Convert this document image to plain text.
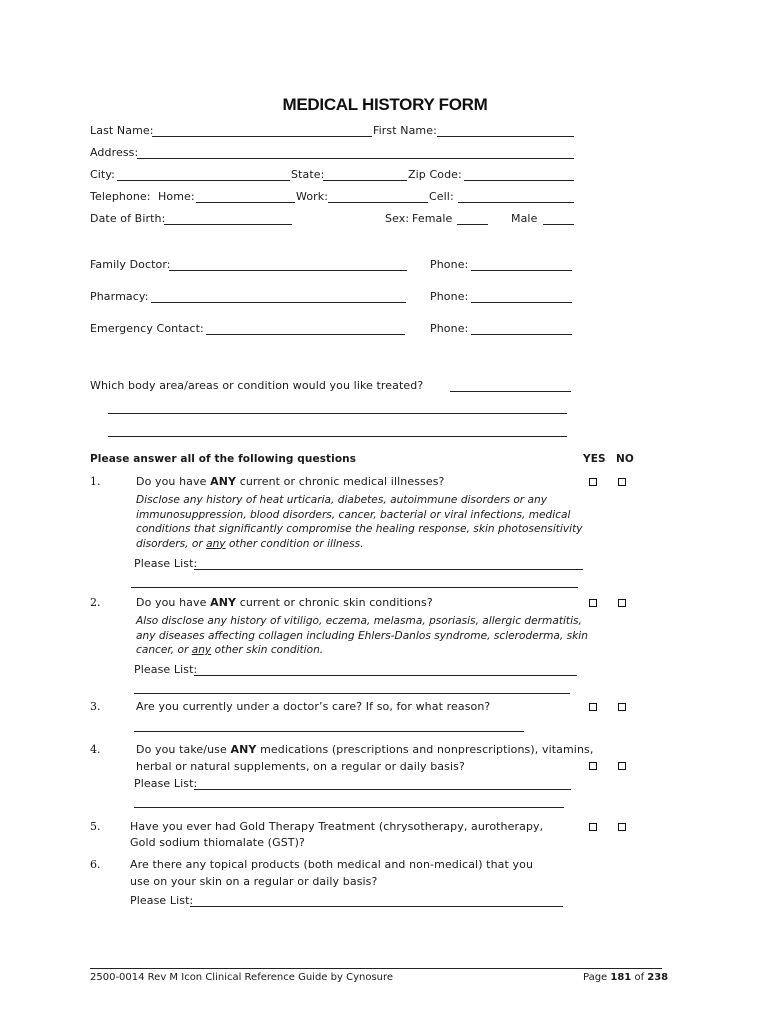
MEDICAL HISTORY FORM
Last Name:	First Name:
Address:
City:	State:	Zip Code:
Telephone: Home:	Work:	Cell:
Date of Birth:	Sex: Female	Male
Family Doctor:	Phone:
Pharmacy:	Phone:
Emergency Contact:	Phone:
Which body area/areas or condition would you like treated?
Please answer all of the following questions	YES NO
1.	Do you have ANY current or chronic medical illnesses?
Disclose any history of heat urticaria, diabetes, autoimmune disorders or any immunosuppression, blood disorders, cancer, bacterial or viral infections, medical conditions that significantly compromise the healing response, skin photosensitivity disorders, or any other condition or illness.
Please List:
2.	Do you have ANY current or chronic skin conditions?
Also disclose any history of vitiligo, eczema, melasma, psoriasis, allergic dermatitis, any diseases affecting collagen including Ehlers-Danlos syndrome, scleroderma, skin cancer, or any other skin condition.
Please List:
3.	Are you currently under a doctor’s care? If so, for what reason?
4.	Do you take/use ANY medications (prescriptions and nonprescriptions), vitamins,
herbal or natural supplements, on a regular or daily basis?
Please List:
5.	Have you ever had Gold Therapy Treatment (chrysotherapy, aurotherapy,
Gold sodium thiomalate (GST)?
6.	Are there any topical products (both medical and non-medical) that you
use on your skin on a regular or daily basis?
Please List:
2500-0014 Rev M Icon Clinical Reference Guide by Cynosure	Page 181 of 238
